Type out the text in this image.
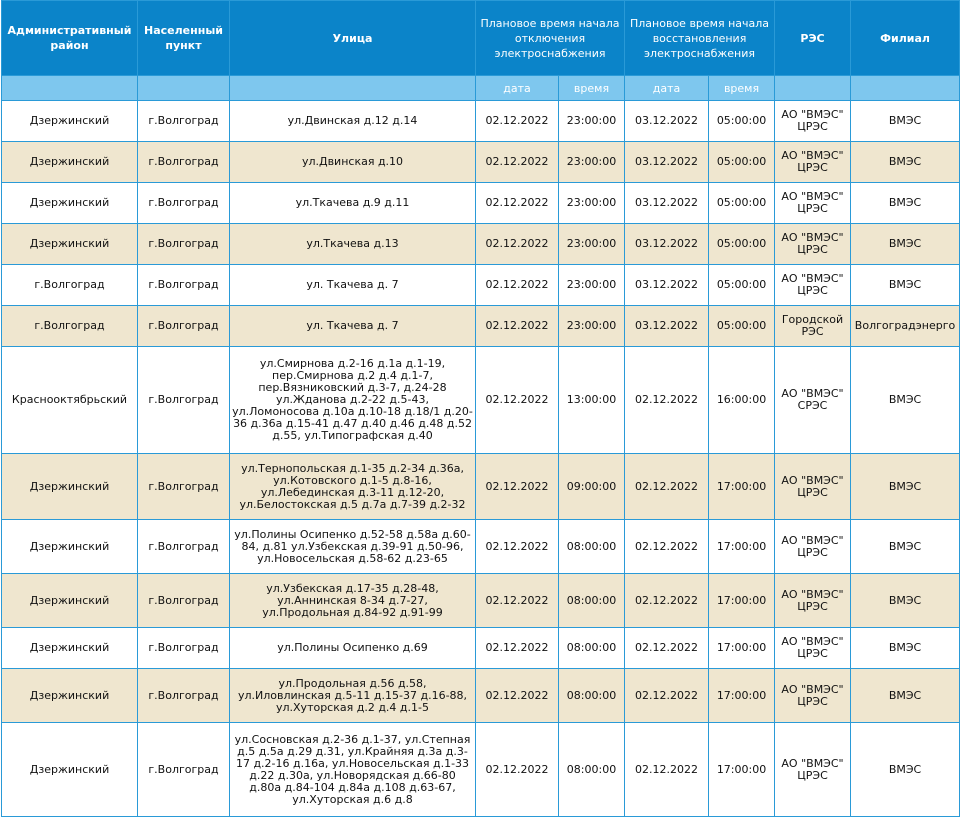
Административный район	Населенный пункт	Улица	Плановое время начала отключения электроснабжения		Плановое время начала восстановления электроснабжения		РЭС	Филиал
			дата	время	дата	время		
Дзержинский	г.Волгоград	ул.Двинская д.12 д.14	02.12.2022	23:00:00	03.12.2022	05:00:00	АО "ВМЭС" ЦРЭС	ВМЭС
Дзержинский	г.Волгоград	ул.Двинская д.10	02.12.2022	23:00:00	03.12.2022	05:00:00	АО "ВМЭС" ЦРЭС	ВМЭС
Дзержинский	г.Волгоград	ул.Ткачева д.9 д.11	02.12.2022	23:00:00	03.12.2022	05:00:00	АО "ВМЭС" ЦРЭС	ВМЭС
Дзержинский	г.Волгоград	ул.Ткачева д.13	02.12.2022	23:00:00	03.12.2022	05:00:00	АО "ВМЭС" ЦРЭС	ВМЭС
г.Волгоград	г.Волгоград	ул. Ткачева д. 7	02.12.2022	23:00:00	03.12.2022	05:00:00	АО "ВМЭС" ЦРЭС	ВМЭС
г.Волгоград	г.Волгоград	ул. Ткачева д. 7	02.12.2022	23:00:00	03.12.2022	05:00:00	Городской РЭС	Волгоградэнерго
Краснооктябрьский	г.Волгоград	ул.Смирнова д.2-16 д.1а д.1-19, пер.Смирнова д.2 д.4 д.1-7, пер.Вязниковский д.3-7, д.24-28 ул.Жданова д.2-22 д.5-43, ул.Ломоносова д.10а д.10-18 д.18/1 д.20-36 д.36а д.15-41 д.47 д.40 д.46 д.48 д.52 д.55, ул.Типографская д.40	02.12.2022	13:00:00	02.12.2022	16:00:00	АО "ВМЭС" СРЭС	ВМЭС
Дзержинский	г.Волгоград	ул.Тернопольская д.1-35 д.2-34 д.36а, ул.Котовского д.1-5 д.8-16, ул.Лебединская д.3-11 д.12-20, ул.Белостокская д.5 д.7а д.7-39 д.2-32	02.12.2022	09:00:00	02.12.2022	17:00:00	АО "ВМЭС" ЦРЭС	ВМЭС
Дзержинский	г.Волгоград	ул.Полины Осипенко д.52-58 д.58а д.60-84, д.81 ул.Узбекская д.39-91 д.50-96, ул.Новосельская д.58-62 д.23-65	02.12.2022	08:00:00	02.12.2022	17:00:00	АО "ВМЭС" ЦРЭС	ВМЭС
Дзержинский	г.Волгоград	ул.Узбекская д.17-35 д.28-48, ул.Аннинская 8-34 д.7-27, ул.Продольная д.84-92 д.91-99	02.12.2022	08:00:00	02.12.2022	17:00:00	АО "ВМЭС" ЦРЭС	ВМЭС
Дзержинский	г.Волгоград	ул.Полины Осипенко д.69	02.12.2022	08:00:00	02.12.2022	17:00:00	АО "ВМЭС" ЦРЭС	ВМЭС
Дзержинский	г.Волгоград	ул.Продольная д.56 д.58, ул.Иловлинская д.5-11 д.15-37 д.16-88, ул.Хуторская д.2 д.4 д.1-5	02.12.2022	08:00:00	02.12.2022	17:00:00	АО "ВМЭС" ЦРЭС	ВМЭС
Дзержинский	г.Волгоград	ул.Сосновская д.2-36 д.1-37, ул.Степная д.5 д.5а д.29 д.31, ул.Крайняя д.3а д.3-17 д.2-16 д.16а, ул.Новосельская д.1-33 д.22 д.30а, ул.Новорядская д.66-80 д.80а д.84-104 д.84а д.108 д.63-67, ул.Хуторская д.6 д.8	02.12.2022	08:00:00	02.12.2022	17:00:00	АО "ВМЭС" ЦРЭС	ВМЭС
